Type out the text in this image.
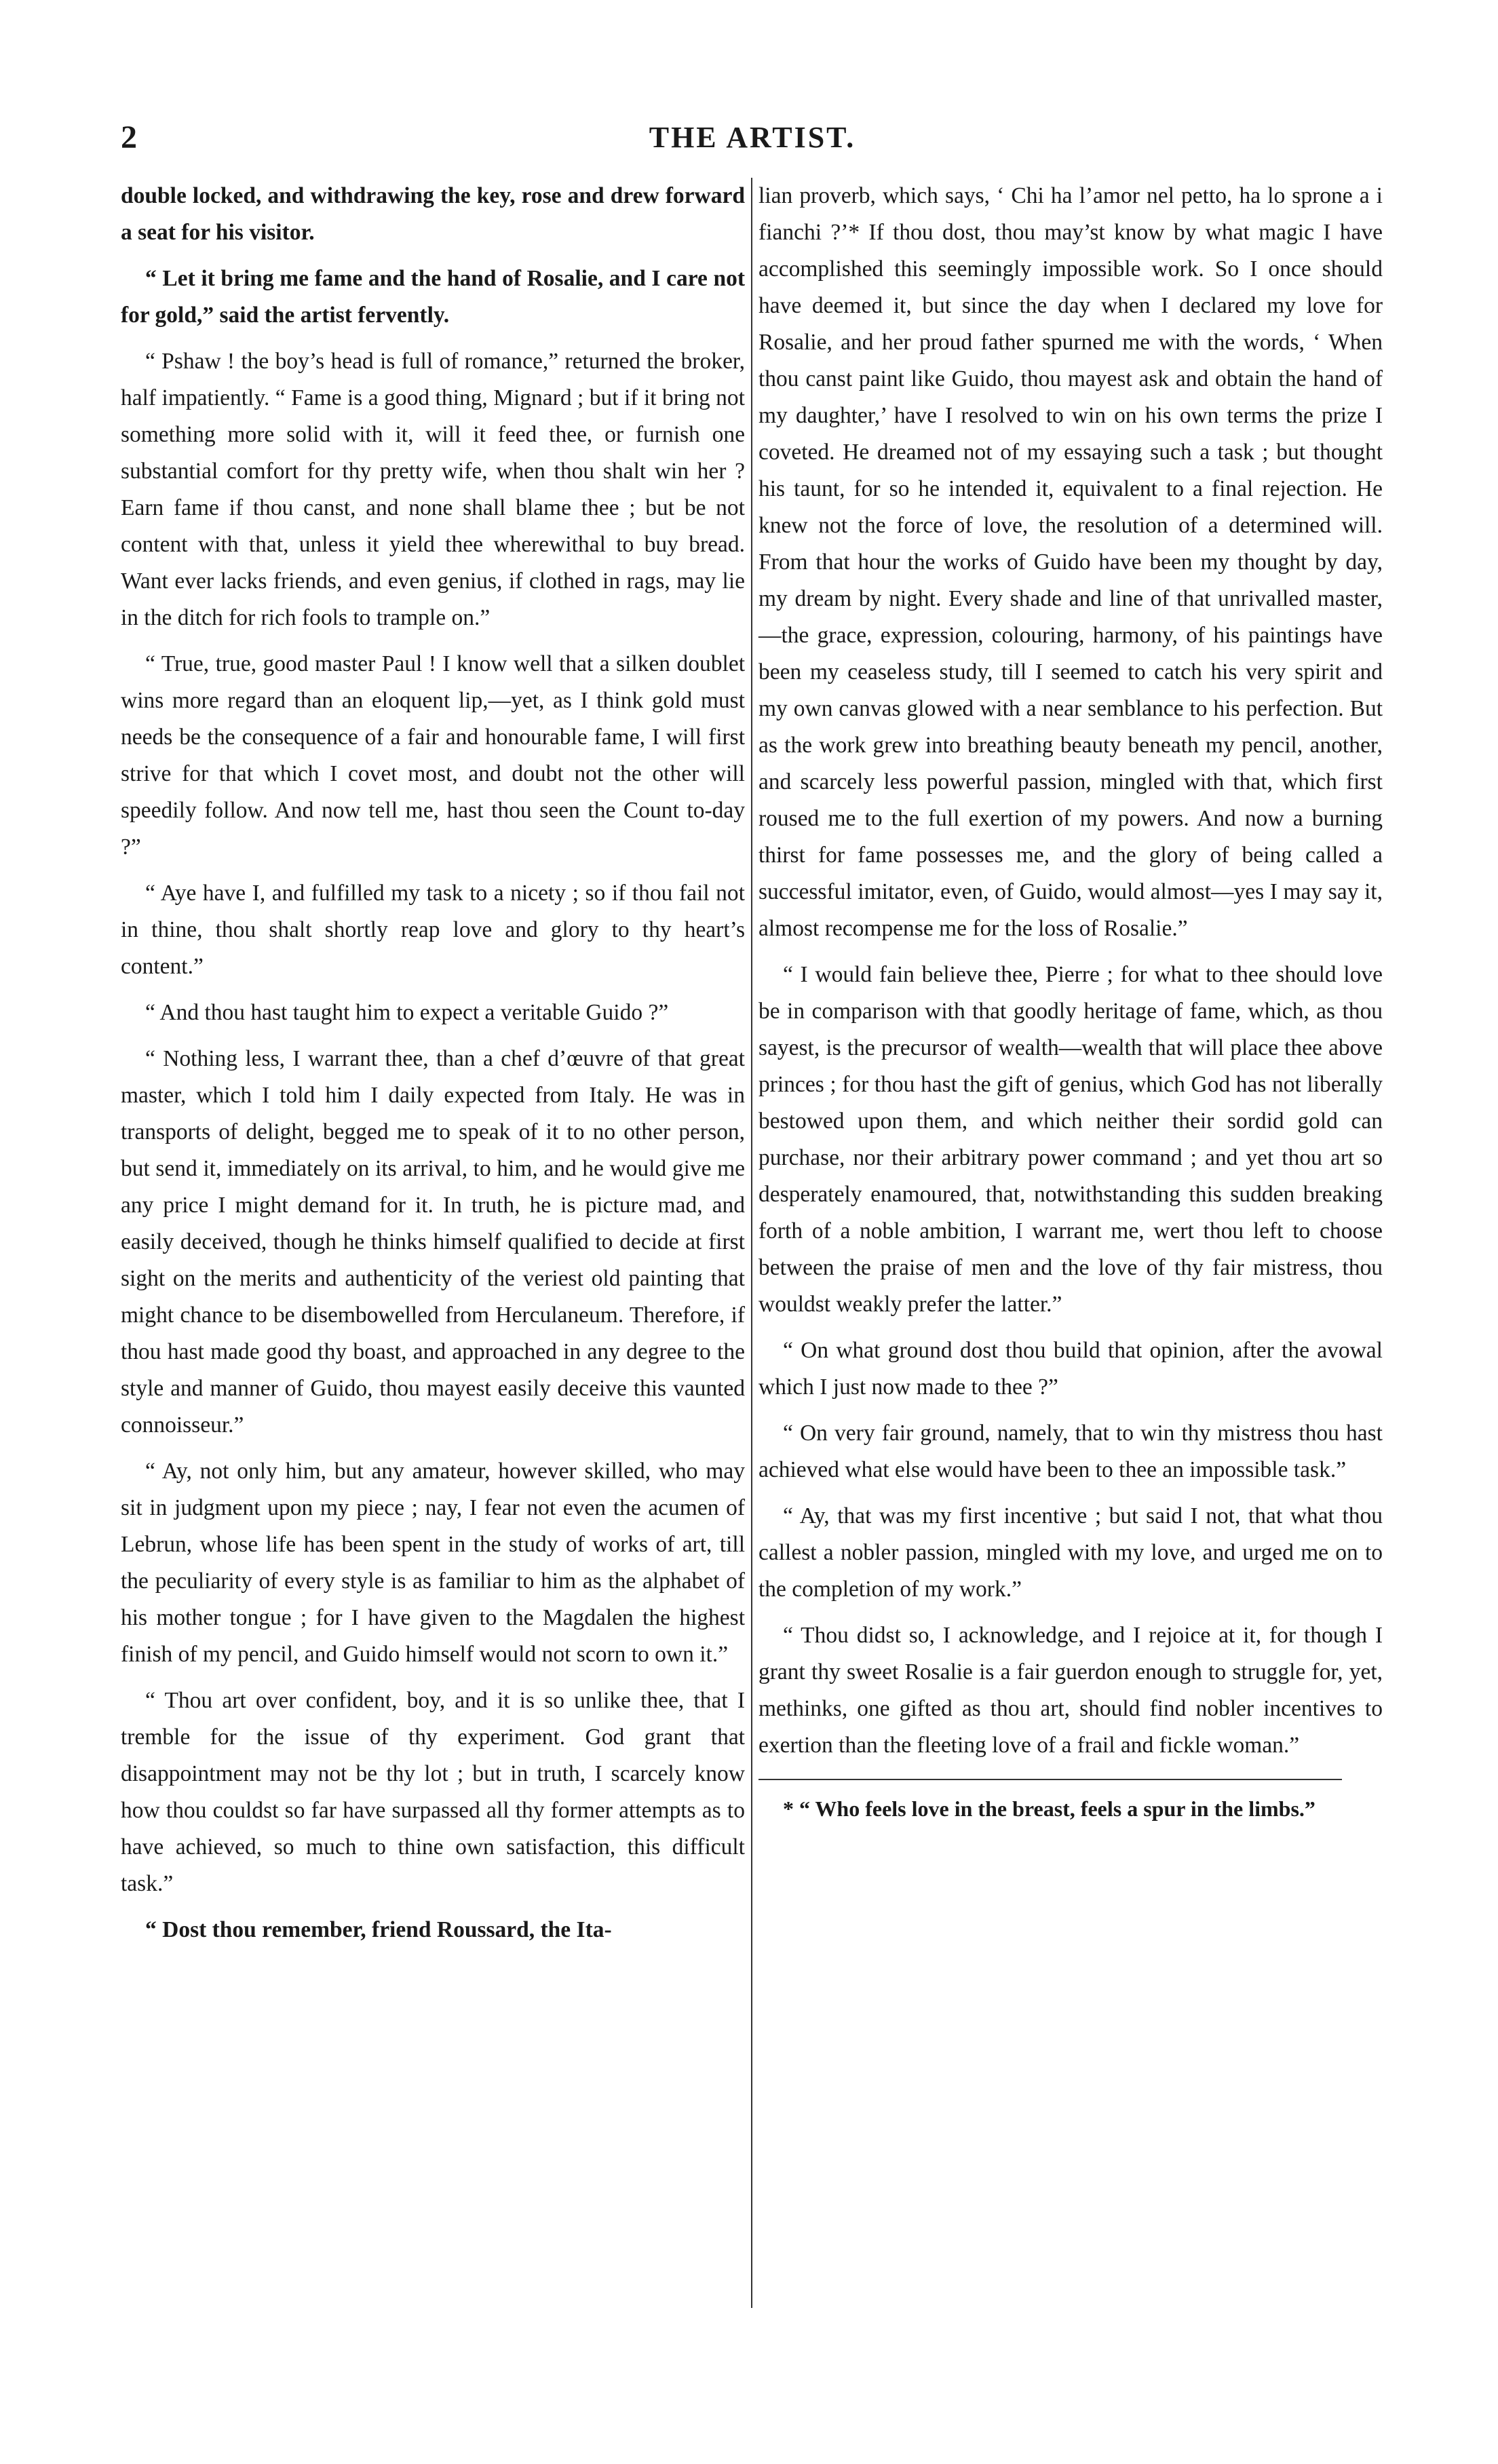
2	THE ARTIST.

double locked, and withdrawing the key, rose and drew forward a seat for his visitor.

“ Let it bring me fame and the hand of Rosalie, and I care not for gold,” said the artist fervently.

“ Pshaw ! the boy’s head is full of romance,” returned the broker, half impatiently. “ Fame is a good thing, Mignard ; but if it bring not something more solid with it, will it feed thee, or furnish one substantial comfort for thy pretty wife, when thou shalt win her ? Earn fame if thou canst, and none shall blame thee ; but be not content with that, unless it yield thee wherewithal to buy bread. Want ever lacks friends, and even genius, if clothed in rags, may lie in the ditch for rich fools to trample on.”

“ True, true, good master Paul ! I know well that a silken doublet wins more regard than an eloquent lip,—yet, as I think gold must needs be the consequence of a fair and honourable fame, I will first strive for that which I covet most, and doubt not the other will speedily follow. And now tell me, hast thou seen the Count to-day ?”

“ Aye have I, and fulfilled my task to a nicety ; so if thou fail not in thine, thou shalt shortly reap love and glory to thy heart’s content.”

“ And thou hast taught him to expect a veritable Guido ?”

“ Nothing less, I warrant thee, than a chef d’œuvre of that great master, which I told him I daily expected from Italy. He was in transports of delight, begged me to speak of it to no other person, but send it, immediately on its arrival, to him, and he would give me any price I might demand for it. In truth, he is picture mad, and easily deceived, though he thinks himself qualified to decide at first sight on the merits and authenticity of the veriest old painting that might chance to be disembowelled from Herculaneum. Therefore, if thou hast made good thy boast, and approached in any degree to the style and manner of Guido, thou mayest easily deceive this vaunted connoisseur.”

“ Ay, not only him, but any amateur, however skilled, who may sit in judgment upon my piece ; nay, I fear not even the acumen of Lebrun, whose life has been spent in the study of works of art, till the peculiarity of every style is as familiar to him as the alphabet of his mother tongue ; for I have given to the Magdalen the highest finish of my pencil, and Guido himself would not scorn to own it.”

“ Thou art over confident, boy, and it is so unlike thee, that I tremble for the issue of thy experiment. God grant that disappointment may not be thy lot ; but in truth, I scarcely know how thou couldst so far have surpassed all thy former attempts as to have achieved, so much to thine own satisfaction, this difficult task.”

“ Dost thou remember, friend Roussard, the Ita-

lian proverb, which says, ‘ Chi ha l’amor nel petto, ha lo sprone a i fianchi ?’* If thou dost, thou may’st know by what magic I have accomplished this seemingly impossible work. So I once should have deemed it, but since the day when I declared my love for Rosalie, and her proud father spurned me with the words, ‘ When thou canst paint like Guido, thou mayest ask and obtain the hand of my daughter,’ have I resolved to win on his own terms the prize I coveted. He dreamed not of my essaying such a task ; but thought his taunt, for so he intended it, equivalent to a final rejection. He knew not the force of love, the resolution of a determined will. From that hour the works of Guido have been my thought by day, my dream by night. Every shade and line of that unrivalled master,—the grace, expression, colouring, harmony, of his paintings have been my ceaseless study, till I seemed to catch his very spirit and my own canvas glowed with a near semblance to his perfection. But as the work grew into breathing beauty beneath my pencil, another, and scarcely less powerful passion, mingled with that, which first roused me to the full exertion of my powers. And now a burning thirst for fame possesses me, and the glory of being called a successful imitator, even, of Guido, would almost—yes I may say it, almost recompense me for the loss of Rosalie.”

“ I would fain believe thee, Pierre ; for what to thee should love be in comparison with that goodly heritage of fame, which, as thou sayest, is the precursor of wealth—wealth that will place thee above princes ; for thou hast the gift of genius, which God has not liberally bestowed upon them, and which neither their sordid gold can purchase, nor their arbitrary power command ; and yet thou art so desperately enamoured, that, notwithstanding this sudden breaking forth of a noble ambition, I warrant me, wert thou left to choose between the praise of men and the love of thy fair mistress, thou wouldst weakly prefer the latter.”

“ On what ground dost thou build that opinion, after the avowal which I just now made to thee ?”

“ On very fair ground, namely, that to win thy mistress thou hast achieved what else would have been to thee an impossible task.”

“ Ay, that was my first incentive ; but said I not, that what thou callest a nobler passion, mingled with my love, and urged me on to the completion of my work.”

“ Thou didst so, I acknowledge, and I rejoice at it, for though I grant thy sweet Rosalie is a fair guerdon enough to struggle for, yet, methinks, one gifted as thou art, should find nobler incentives to exertion than the fleeting love of a frail and fickle woman.”

* “ Who feels love in the breast, feels a spur in the limbs.”
